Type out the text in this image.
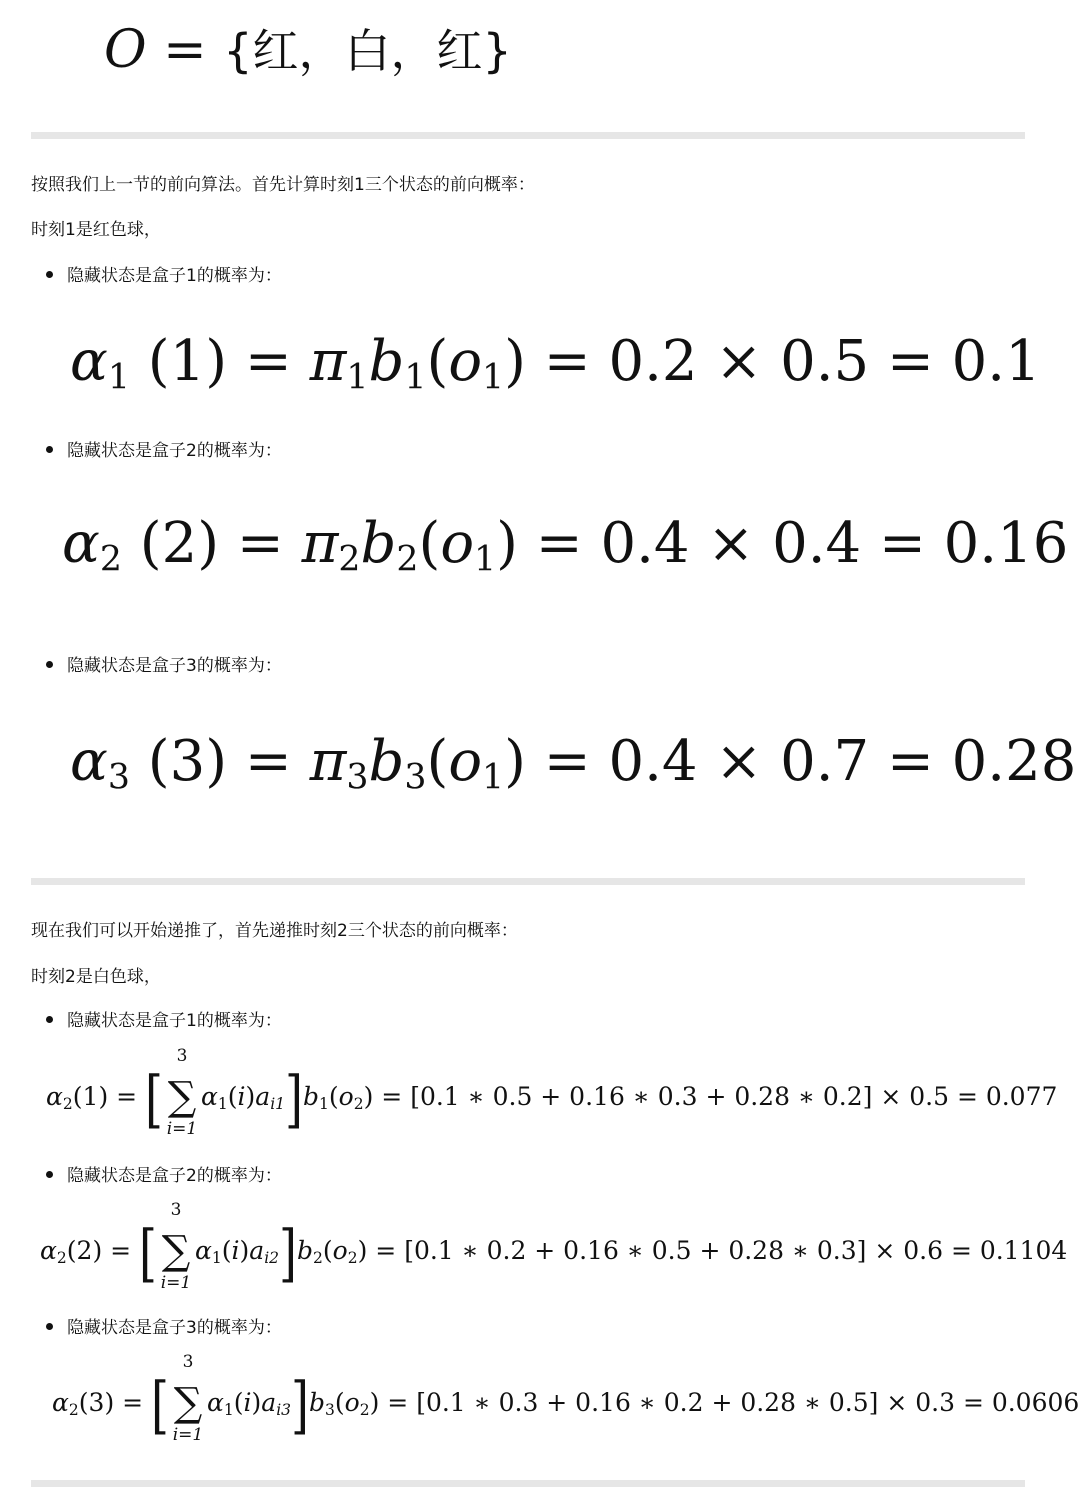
O = {红，白，红}
按照我们上一节的前向算法。首先计算时刻1三个状态的前向概率：
时刻1是红色球，
隐藏状态是盒子1的概率为：
$\alpha_1$ $(1) = \pi_1b_1(o_1) = 0.2 \times 0.5 = 0.1$
隐藏状态是盒子2的概率为：
$\alpha_2$ $(2) = \pi_2b_2(o_1) = 0.4 \times 0.4 = 0.16$
隐藏状态是盒子3的概率为：
$\alpha_3$ $(3) = \pi_3b_3(o_1) = 0.4 \times 0.7 = 0.28$
现在我们可以开始递推了，首先递推时刻2三个状态的前向概率：
时刻2是白色球，
隐藏状态是盒子1的概率为：
$\alpha_2(1)$ = [
3
∑
i=1
$\alpha_1(i)a_{i1}]b_1(o_2) = [0.1$ ∗ 0.5 + 0.16 ∗ 0.3 + 0.28 ∗ 0.2] × 0.5 = 0.077
隐藏状态是盒子2的概率为：
$\alpha_2(2)$ = [
3
∑
i=1
$\alpha_1(i)a_{i2}]b_2(o_2) = [0.1$ ∗ 0.2 + 0.16 ∗ 0.5 + 0.28 ∗ 0.3] × 0.6 = 0.1104
隐藏状态是盒子3的概率为：
$\alpha_2(3)$ = [
3
∑
i=1
$\alpha_1(i)a_{i3}]b_3(o_2) = [0.1$ ∗ 0.3 + 0.16 ∗ 0.2 + 0.28 ∗ 0.5] × 0.3 = 0.0606
